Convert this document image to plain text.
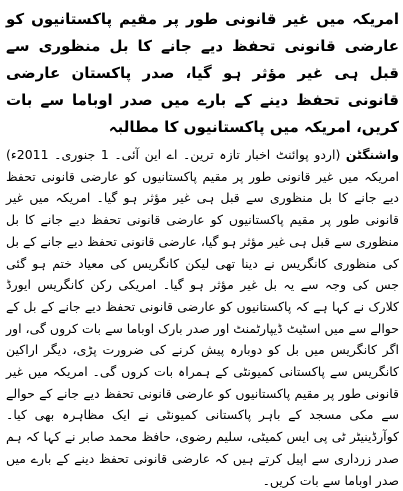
امریکہ میں غیر قانونی طور پر مقیم پاکستانیوں کو عارضی قانونی تحفظ دیے جانے کا بل منظوری سے قبل ہی غیر مؤثر ہو گیا، صدر پاکستان عارضی قانونی تحفظ دینے کے بارے میں صدر اوباما سے بات کریں، امریکہ میں پاکستانیوں کا مطالبہ

واشنگٹن (اردو پوائنٹ اخبار تازہ ترین۔ اے این آئی۔ 1 جنوری۔ 2011ء) امریکہ میں غیر قانونی طور پر مقیم پاکستانیوں کو عارضی قانونی تحفظ دیے جانے کا بل منظوری سے قبل ہی غیر مؤثر ہو گیا۔ امریکہ میں غیر قانونی طور پر مقیم پاکستانیوں کو عارضی قانونی تحفظ دیے جانے کا بل منظوری سے قبل ہی غیر مؤثر ہو گیا، عارضی قانونی تحفظ دیے جانے کے بل کی منظوری کانگریس نے دینا تھی لیکن کانگریس کی معیاد ختم ہو گئی جس کی وجہ سے یہ بل غیر مؤثر ہو گیا۔ امریکی رکن کانگریس ایورڈ کلارک نے کہا ہے کہ پاکستانیوں کو عارضی قانونی تحفظ دیے جانے کے بل کے حوالے سے میں اسٹیٹ ڈیپارٹمنٹ اور صدر بارک اوباما سے بات کروں گی، اور اگر کانگریس میں بل کو دوبارہ پیش کرنے کی ضرورت پڑی، دیگر اراکین کانگریس سے پاکستانی کمیونٹی کے ہمراہ بات کروں گی۔ امریکہ میں غیر قانونی طور پر مقیم پاکستانیوں کو عارضی قانونی تحفظ دیے جانے کے حوالے سے مکی مسجد کے باہر پاکستانی کمیونٹی نے ایک مظاہرہ بھی کیا۔ کوآرڈینیٹر ٹی پی ایس کمیٹی، سلیم رضوی، حافظ محمد صابر نے کہا کہ ہم صدر زرداری سے اپیل کرتے ہیں کہ عارضی قانونی تحفظ دینے کے بارے میں صدر اوباما سے بات کریں۔
